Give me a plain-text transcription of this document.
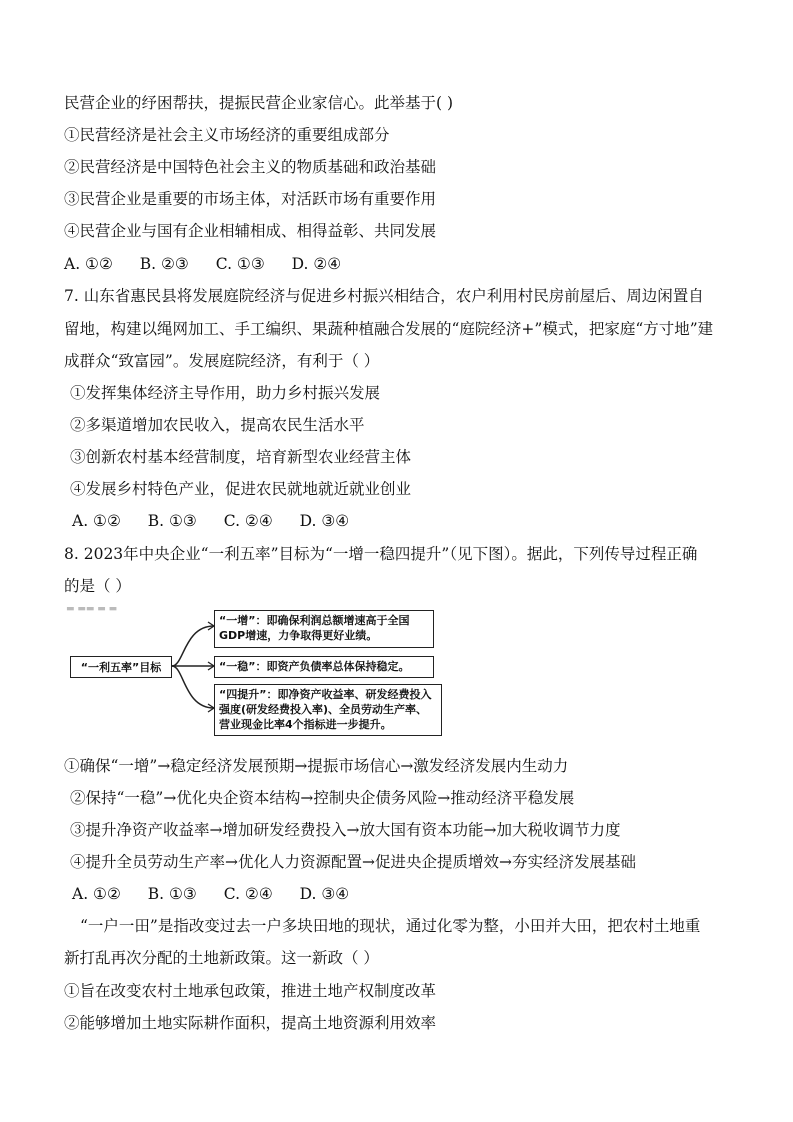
民营企业的纾困帮扶，提振民营企业家信心。此举基于( )
①民营经济是社会主义市场经济的重要组成部分
②民营经济是中国特色社会主义的物质基础和政治基础
③民营企业是重要的市场主体，对活跃市场有重要作用
④民营企业与国有企业相辅相成、相得益彰、共同发展
A. ①② B. ②③ C. ①③ D. ②④
7. 山东省惠民县将发展庭院经济与促进乡村振兴相结合，农户利用村民房前屋后、周边闲置自
留地，构建以绳网加工、手工编织、果蔬种植融合发展的“庭院经济+”模式，把家庭“方寸地”建
成群众“致富园”。发展庭院经济，有利于（ ）
①发挥集体经济主导作用，助力乡村振兴发展
②多渠道增加农民收入，提高农民生活水平
③创新农村基本经营制度，培育新型农业经营主体
④发展乡村特色产业，促进农民就地就近就业创业
A. ①② B. ①③ C. ②④ D. ③④
8. 2023年中央企业“一利五率”目标为“一增一稳四提升”（见下图）。据此，下列传导过程正确
的是（ ）
▬ ▬▬ ▬ ▬
“一利五率”目标
“一增”：即确保利润总额增速高于全国
GDP增速，力争取得更好业绩。
“一稳”：即资产负债率总体保持稳定。
“四提升”：即净资产收益率、研发经费投入
强度(研发经费投入率)、全员劳动生产率、
营业现金比率4个指标进一步提升。
①确保“一增”→稳定经济发展预期→提振市场信心→激发经济发展内生动力
②保持“一稳”→优化央企资本结构→控制央企债务风险→推动经济平稳发展
③提升净资产收益率→增加研发经费投入→放大国有资本功能→加大税收调节力度
④提升全员劳动生产率→优化人力资源配置→促进央企提质增效→夯实经济发展基础
A. ①② B. ①③ C. ②④ D. ③④
“一户一田”是指改变过去一户多块田地的现状，通过化零为整，小田并大田，把农村土地重
新打乱再次分配的土地新政策。这一新政（ ）
①旨在改变农村土地承包政策，推进土地产权制度改革
②能够增加土地实际耕作面积，提高土地资源利用效率
